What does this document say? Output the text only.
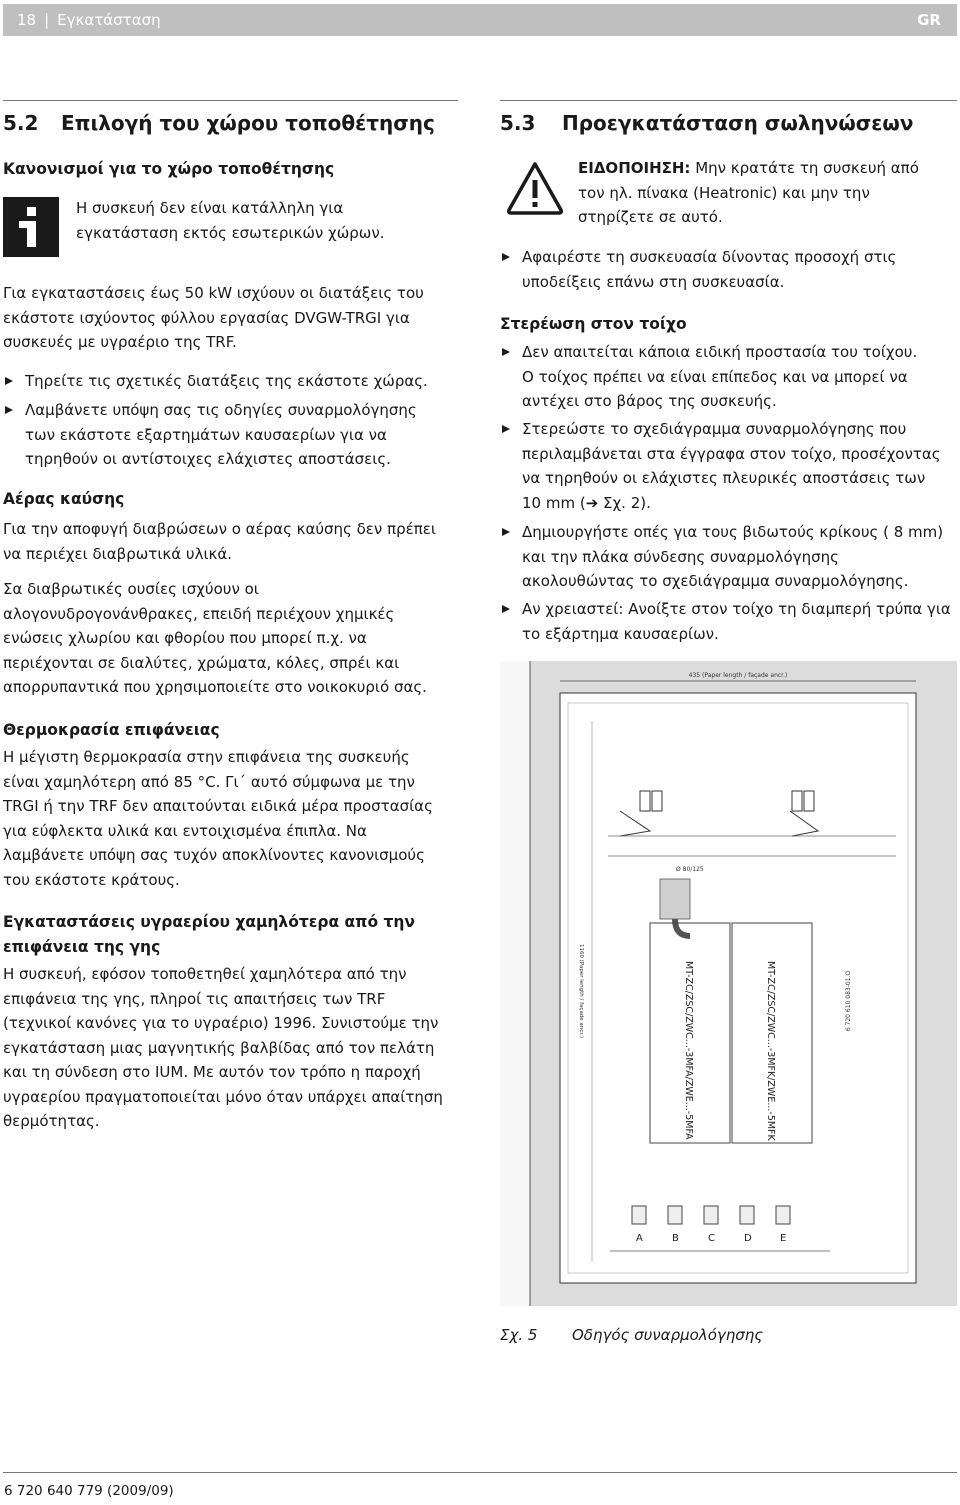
18 | Εγκατάσταση	GR
5.2 Επιλογή του χώρου τοποθέτησης
Κανονισμοί για το χώρο τοποθέτησης
Η συσκευή δεν είναι κατάλληλη για
εγκατάσταση εκτός εσωτερικών χώρων.
Για εγκαταστάσεις έως 50 kW ισχύουν οι διατάξεις του
εκάστοτε ισχύοντος φύλλου εργασίας DVGW-TRGI για
συσκευές με υγραέριο της TRF.
Τηρείτε τις σχετικές διατάξεις της εκάστοτε χώρας.
Λαμβάνετε υπόψη σας τις οδηγίες συναρμολόγησης
των εκάστοτε εξαρτημάτων καυσαερίων για να
τηρηθούν οι αντίστοιχες ελάχιστες αποστάσεις.
Αέρας καύσης
Για την αποφυγή διαβρώσεων ο αέρας καύσης δεν πρέπει
να περιέχει διαβρωτικά υλικά.
Σα διαβρωτικές ουσίες ισχύουν οι
αλογονυδρογονάνθρακες, επειδή περιέχουν χημικές
ενώσεις χλωρίου και φθορίου που μπορεί π.χ. να
περιέχονται σε διαλύτες, χρώματα, κόλες, σπρέι και
απορρυπαντικά που χρησιμοποιείτε στο νοικοκυριό σας.
Θερμοκρασία επιφάνειας
Η μέγιστη θερμοκρασία στην επιφάνεια της συσκευής
είναι χαμηλότερη από 85 °C. Γι΄ αυτό σύμφωνα με την
TRGI ή την TRF δεν απαιτούνται ειδικά μέρα προστασίας
για εύφλεκτα υλικά και εντοιχισμένα έπιπλα. Να
λαμβάνετε υπόψη σας τυχόν αποκλίνοντες κανονισμούς
του εκάστοτε κράτους.
Εγκαταστάσεις υγραερίου χαμηλότερα από την
επιφάνεια της γης
Η συσκευή, εφόσον τοποθετηθεί χαμηλότερα από την
επιφάνεια της γης, πληροί τις απαιτήσεις των TRF
(τεχνικοί κανόνες για το υγραέριο) 1996. Συνιστούμε την
εγκατάσταση μιας μαγνητικής βαλβίδας από τον πελάτη
και τη σύνδεση στο IUM. Με αυτόν τον τρόπο η παροχή
υγραερίου πραγματοποιείται μόνο όταν υπάρχει απαίτηση
θερμότητας.
5.3 Προεγκατάσταση σωληνώσεων
ΕΙΔΟΠΟΙΗΣΗ: Μην κρατάτε τη συσκευή από
τον ηλ. πίνακα (Heatronic) και μην την
στηρίζετε σε αυτό.
Αφαιρέστε τη συσκευασία δίνοντας προσοχή στις
υποδείξεις επάνω στη συσκευασία.
Στερέωση στον τοίχο
Δεν απαιτείται κάποια ειδική προστασία του τοίχου.
Ο τοίχος πρέπει να είναι επίπεδος και να μπορεί να
αντέχει στο βάρος της συσκευής.
Στερεώστε το σχεδιάγραμμα συναρμολόγησης που
περιλαμβάνεται στα έγγραφα στον τοίχο, προσέχοντας
να τηρηθούν οι ελάχιστες πλευρικές αποστάσεις των
10 mm (➔ Σχ. 2).
Δημιουργήστε οπές για τους βιδωτούς κρίκους ( 8 mm)
και την πλάκα σύνδεσης συναρμολόγησης
ακολουθώντας το σχεδιάγραμμα συναρμολόγησης.
Αν χρειαστεί: Ανοίξτε στον τοίχο τη διαμπερή τρύπα για
το εξάρτημα καυσαερίων.
435 (Paper length / façade ancr.)
1160 (Paper length / façade ancr.)
Ø 80/125
MT-ZC/ZSC/ZWC...-3MFA/ZWE...-5MFA	MT-ZC/ZSC/ZWC...-3MFK/ZWE...-5MFK	6 720 610 083-01.O
A	B	C	D	E
Σχ. 5 Οδηγός συναρμολόγησης
6 720 640 779 (2009/09)
